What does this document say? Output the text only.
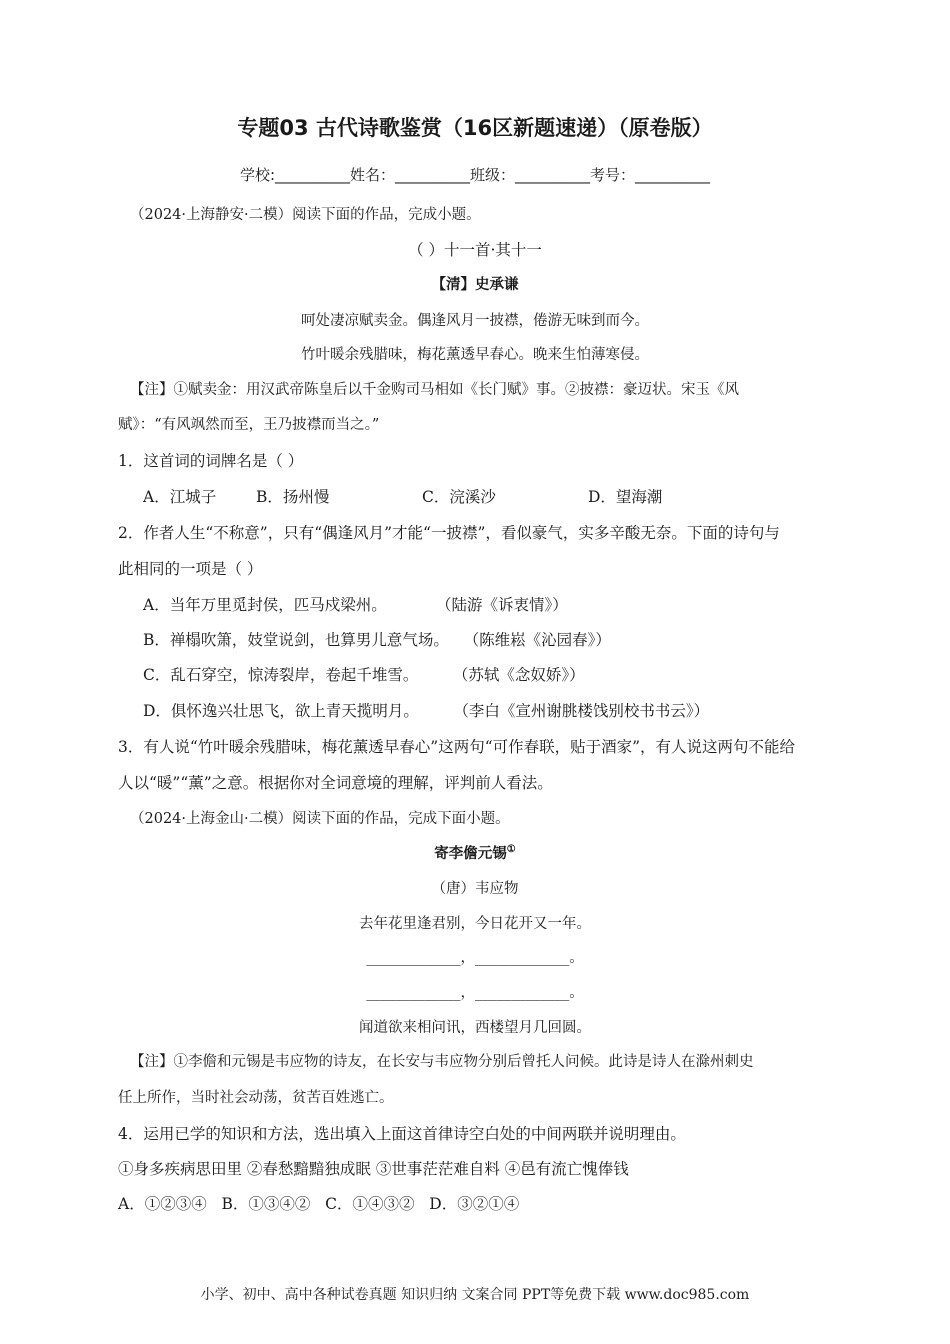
专题03 古代诗歌鉴赏（16区新题速递）（原卷版）
学校:__________姓名：__________班级：__________考号：__________
（2024·上海静安·二模）阅读下面的作品，完成小题。
（ ）十一首·其十一
【清】史承谦
呵处凄凉赋卖金。偶逢风月一披襟，倦游无味到而今。
竹叶暖余残腊味，梅花薰透早春心。晚来生怕薄寒侵。
【注】①赋卖金：用汉武帝陈皇后以千金购司马相如《长门赋》事。②披襟：豪迈状。宋玉《风
赋》：“有风飒然而至，王乃披襟而当之。”
1．这首词的词牌名是（ ）
A．江城子	B．扬州慢	C．浣溪沙	D．望海潮
2．作者人生“不称意”，只有“偶逢风月”才能“一披襟”，看似豪气，实多辛酸无奈。下面的诗句与
此相同的一项是（ ）
A．当年万里觅封侯，匹马戍梁州。          （陆游《诉衷情》）
B．禅榻吹箫，妓堂说剑，也算男儿意气场。   （陈维崧《沁园春》）
C．乱石穿空，惊涛裂岸，卷起千堆雪。       （苏轼《念奴娇》）
D．俱怀逸兴壮思飞，欲上青天揽明月。       （李白《宣州谢朓楼饯别校书书云》）
3．有人说“竹叶暖余残腊味，梅花薰透早春心”这两句“可作春联，贴于酒家”，有人说这两句不能给
人以“暖”“薰”之意。根据你对全词意境的理解，评判前人看法。
（2024·上海金山·二模）阅读下面的作品，完成下面小题。
寄李儋元锡①
（唐）韦应物
去年花里逢君别，今日花开又一年。
_____________，_____________。
_____________，_____________。
闻道欲来相问讯，西楼望月几回圆。
【注】①李儋和元锡是韦应物的诗友，在长安与韦应物分别后曾托人问候。此诗是诗人在滁州刺史
任上所作，当时社会动荡，贫苦百姓逃亡。
4．运用已学的知识和方法，选出填入上面这首律诗空白处的中间两联并说明理由。
①身多疾病思田里 ②春愁黯黯独成眠 ③世事茫茫难自料 ④邑有流亡愧俸钱
A．①②③④   B．①③④②   C．①④③②   D．③②①④
小学、初中、高中各种试卷真题 知识归纳 文案合同 PPT等免费下载 www.doc985.com
